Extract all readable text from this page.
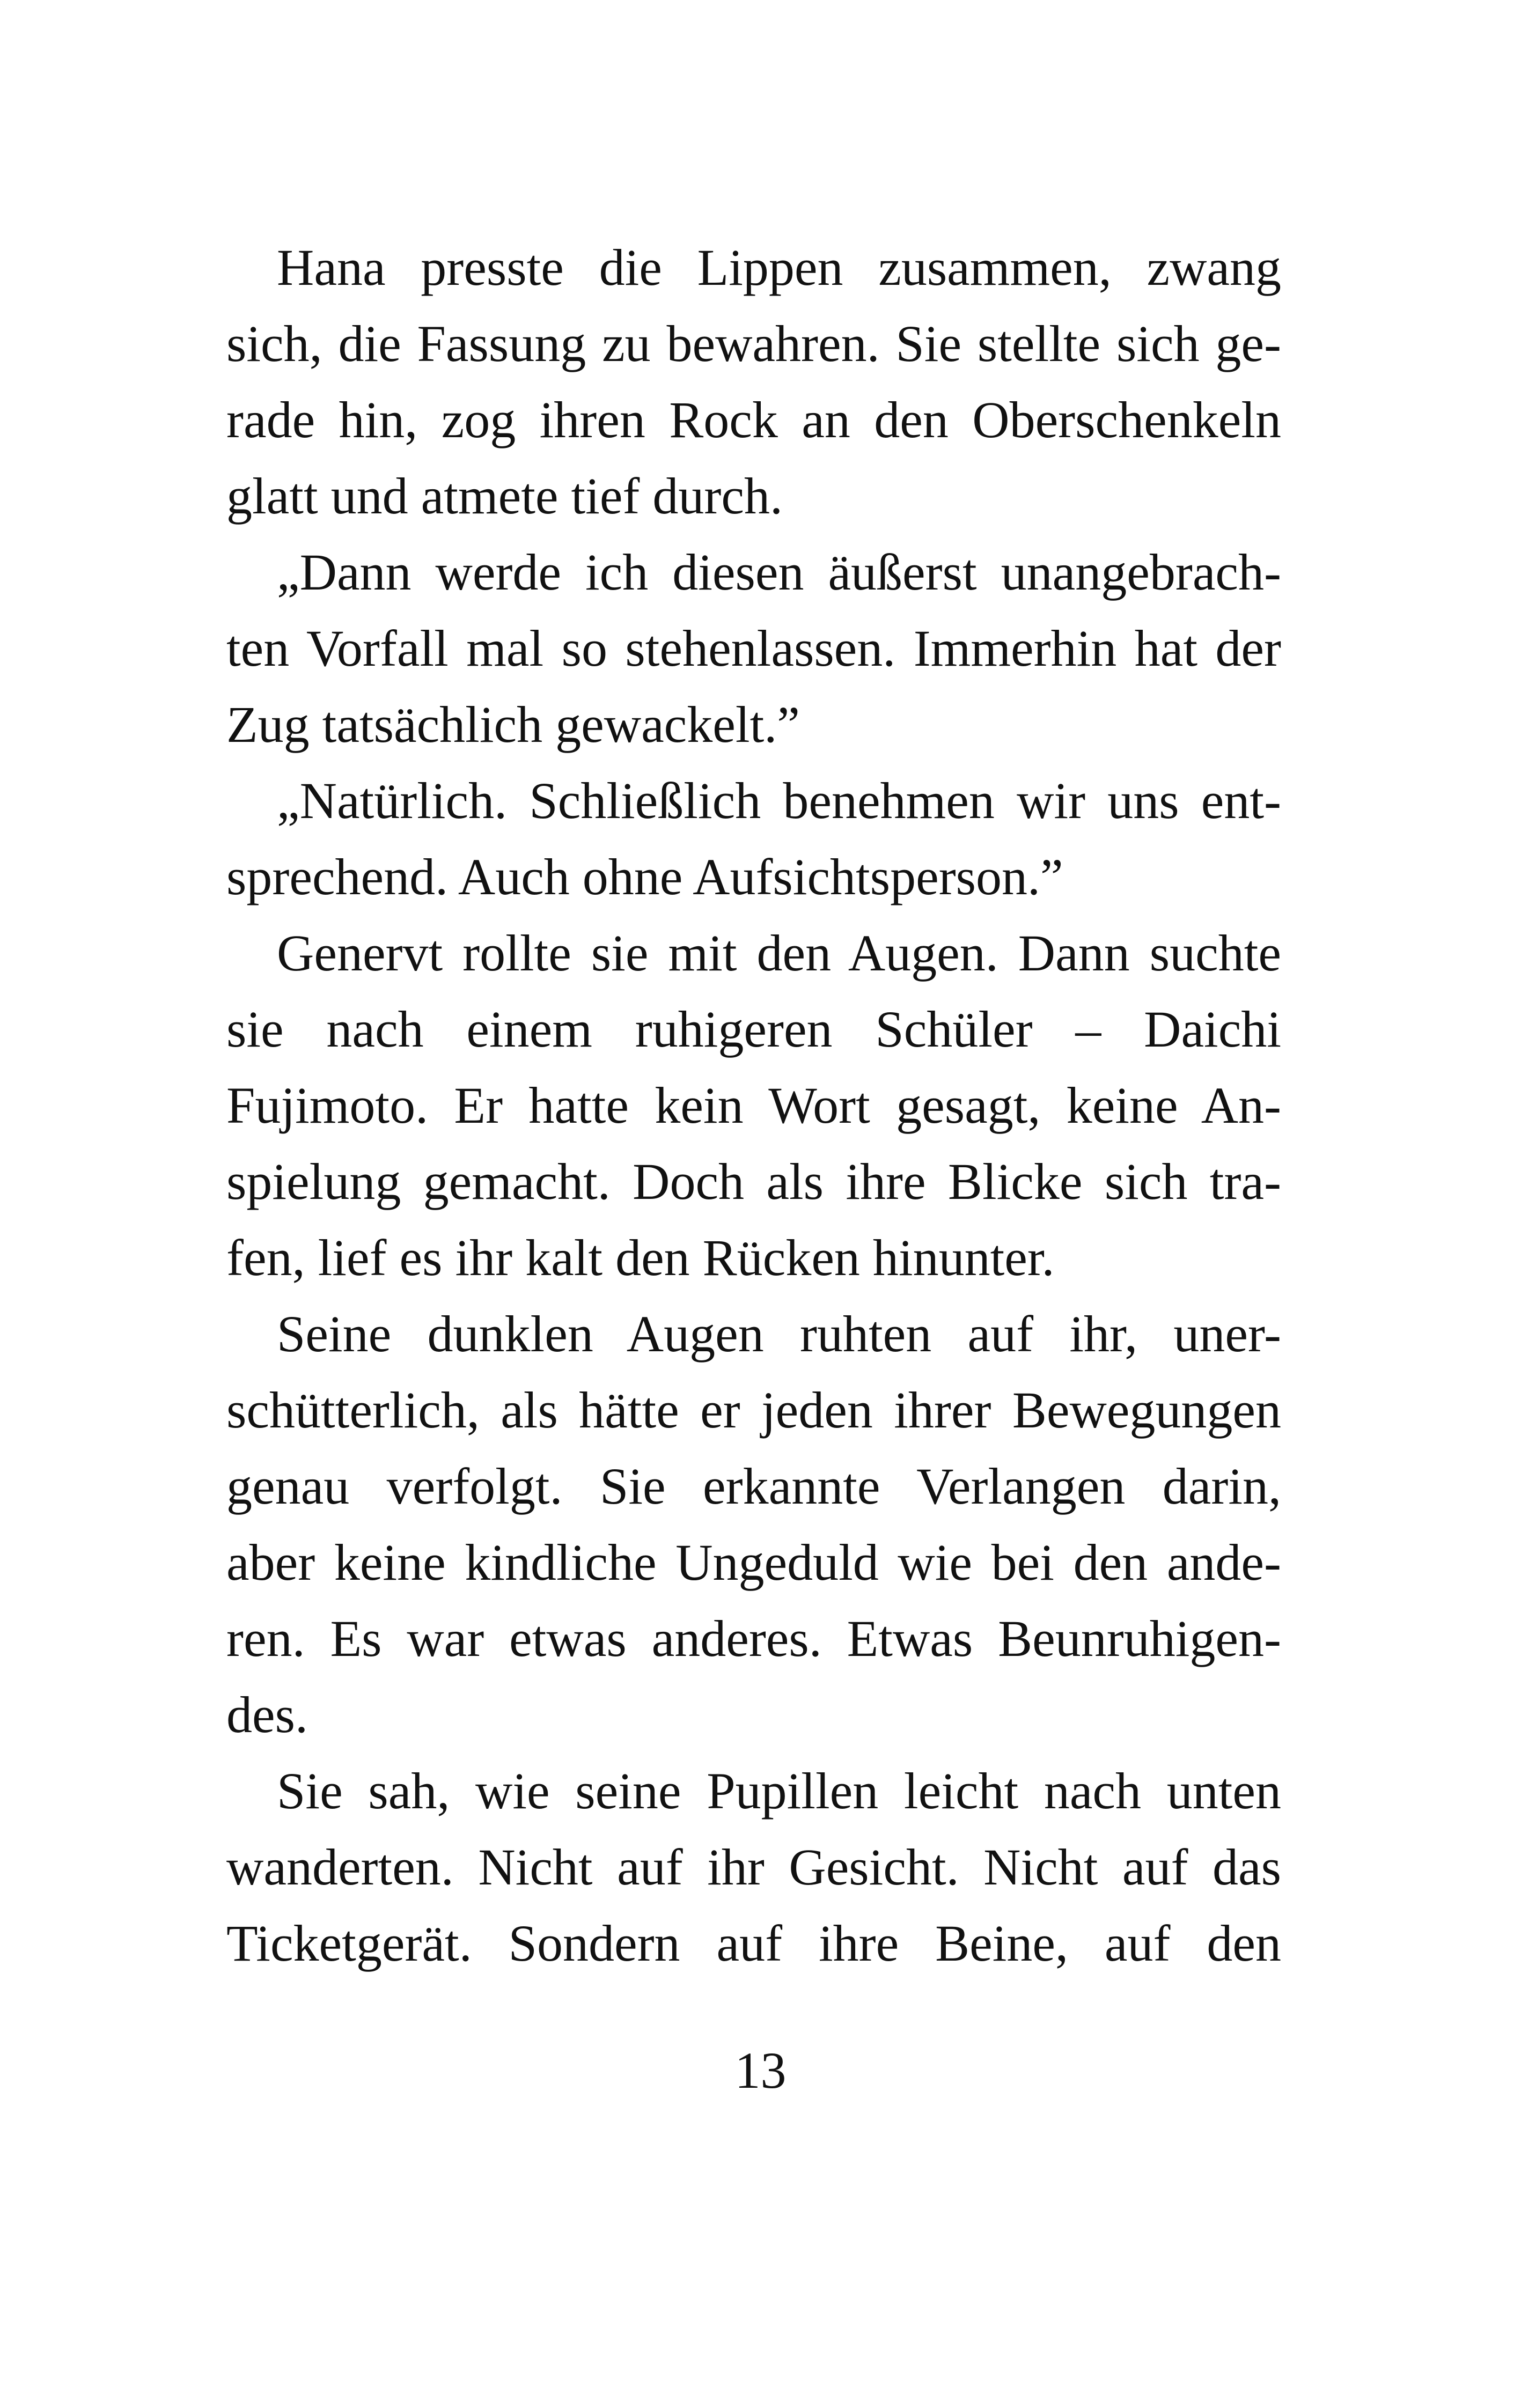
Hana presste die Lippen zusammen, zwang
sich, die Fassung zu bewahren. Sie stellte sich ge-
rade hin, zog ihren Rock an den Oberschenkeln
glatt und atmete tief durch.
„Dann werde ich diesen äußerst unangebrach-
ten Vorfall mal so stehenlassen. Immerhin hat der
Zug tatsächlich gewackelt.”
„Natürlich. Schließlich benehmen wir uns ent-
sprechend. Auch ohne Aufsichtsperson.”
Genervt rollte sie mit den Augen. Dann suchte
sie nach einem ruhigeren Schüler – Daichi
Fujimoto. Er hatte kein Wort gesagt, keine An-
spielung gemacht. Doch als ihre Blicke sich tra-
fen, lief es ihr kalt den Rücken hinunter.
Seine dunklen Augen ruhten auf ihr, uner-
schütterlich, als hätte er jeden ihrer Bewegungen
genau verfolgt. Sie erkannte Verlangen darin,
aber keine kindliche Ungeduld wie bei den ande-
ren. Es war etwas anderes. Etwas Beunruhigen-
des.
Sie sah, wie seine Pupillen leicht nach unten
wanderten. Nicht auf ihr Gesicht. Nicht auf das
Ticketgerät. Sondern auf ihre Beine, auf den
13
